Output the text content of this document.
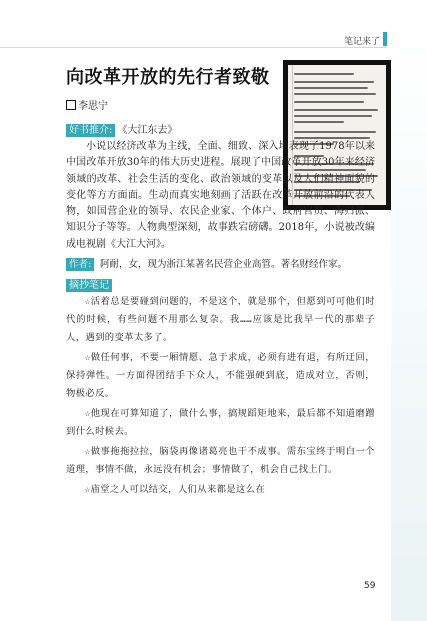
笔记来了
向改革开放的先行者致敬
李思宁
好书推介: 《大江东去》

小说以经济改革为主线，全面、细致、深入地表现了1978年以来中国改革开放30年的伟大历史进程。展现了中国改革开放30年来经济领域的改革、社会生活的变化、政治领域的变革以及人们精神面貌的变化等方方面面。生动而真实地刻画了活跃在改革开放前沿的代表人物，如国营企业的领导、农民企业家、个体户、政府官员、海归派、知识分子等等。人物典型深刻，故事跌宕磅礴。2018年，小说被改编成电视剧《大江大河》。

作者: 阿耐，女，现为浙江某著名民营企业高管。著名财经作家。

摘抄笔记

☆活着总是要碰到问题的，不是这个，就是那个，但愿到可可他们时代的时候，有些问题不用那么复杂。我……应该是比我早一代的那辈子人，遇到的变革太多了。

☆做任何事，不要一厢情愿、急于求成，必须有进有退，有所迂回，保持弹性。一方面得团结手下众人，不能强硬到底，造成对立，否则，物极必反。

☆他现在可算知道了，做什么事，搞规蹈矩地来，最后都不知道磨蹭到什么时候去。

☆做事拖拖拉拉，脑袋再像诸葛亮也干不成事。需东宝终于明白一个道理，事情不做，永远没有机会；事情做了，机会自己找上门。

☆庙堂之人可以结交，人们从来都是这么在

59
